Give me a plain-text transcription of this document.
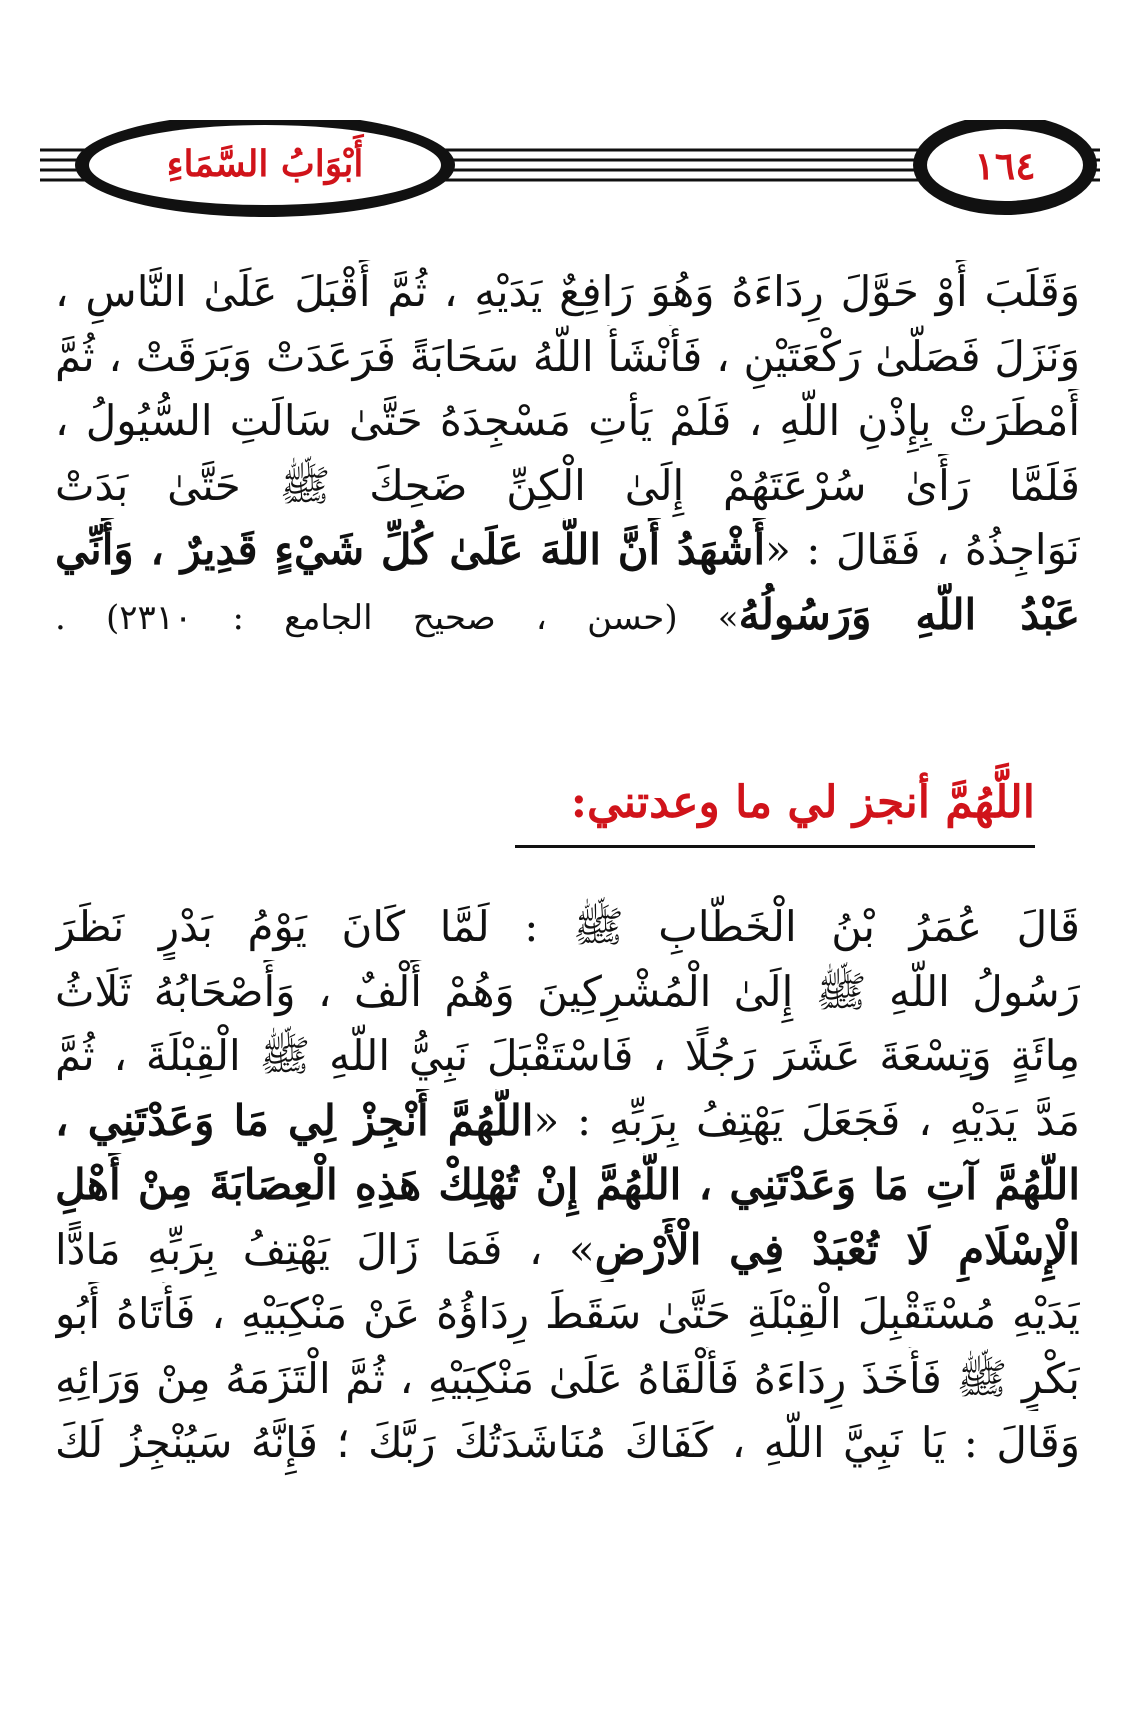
أَبْوَابُ السَّمَاءِ	١٦٤
وَقَلَبَ أَوْ حَوَّلَ رِدَاءَهُ وَهُوَ رَافِعٌ يَدَيْهِ ، ثُمَّ أَقْبَلَ عَلَىٰ النَّاسِ ،
وَنَزَلَ فَصَلَّىٰ رَكْعَتَيْنِ ، فَأَنْشَأَ اللَّهُ سَحَابَةً فَرَعَدَتْ وَبَرَقَتْ ، ثُمَّ
أَمْطَرَتْ بِإِذْنِ اللَّهِ ، فَلَمْ يَأْتِ مَسْجِدَهُ حَتَّىٰ سَالَتِ السُّيُولُ ،
فَلَمَّا رَأَىٰ سُرْعَتَهُمْ إِلَىٰ الْكِنِّ ضَحِكَ ﷺ حَتَّىٰ بَدَتْ
نَوَاجِذُهُ ، فَقَالَ : «أَشْهَدُ أَنَّ اللَّهَ عَلَىٰ كُلِّ شَيْءٍ قَدِيرٌ ، وَأَنِّي
عَبْدُ اللَّهِ وَرَسُولُهُ» (حسن ، صحيح الجامع : ٢٣١٠) .
اللَّهُمَّ أنجز لي ما وعدتني:
قَالَ عُمَرُ بْنُ الْخَطَّابِ ﷺ : لَمَّا كَانَ يَوْمُ بَدْرٍ نَظَرَ
رَسُولُ اللَّهِ ﷺ إِلَىٰ الْمُشْرِكِينَ وَهُمْ أَلْفٌ ، وَأَصْحَابُهُ ثَلَاثُ
مِائَةٍ وَتِسْعَةَ عَشَرَ رَجُلًا ، فَاسْتَقْبَلَ نَبِيُّ اللَّهِ ﷺ الْقِبْلَةَ ، ثُمَّ
مَدَّ يَدَيْهِ ، فَجَعَلَ يَهْتِفُ بِرَبِّهِ : «اللَّهُمَّ أَنْجِزْ لِي مَا وَعَدْتَنِي ،
اللَّهُمَّ آتِ مَا وَعَدْتَنِي ، اللَّهُمَّ إِنْ تُهْلِكْ هَذِهِ الْعِصَابَةَ مِنْ أَهْلِ
الْإِسْلَامِ لَا تُعْبَدْ فِي الْأَرْضِ» ، فَمَا زَالَ يَهْتِفُ بِرَبِّهِ مَادًّا
يَدَيْهِ مُسْتَقْبِلَ الْقِبْلَةِ حَتَّىٰ سَقَطَ رِدَاؤُهُ عَنْ مَنْكِبَيْهِ ، فَأَتَاهُ أَبُو
بَكْرٍ ﷺ فَأَخَذَ رِدَاءَهُ فَأَلْقَاهُ عَلَىٰ مَنْكِبَيْهِ ، ثُمَّ الْتَزَمَهُ مِنْ وَرَائِهِ
وَقَالَ : يَا نَبِيَّ اللَّهِ ، كَفَاكَ مُنَاشَدَتُكَ رَبَّكَ ؛ فَإِنَّهُ سَيُنْجِزُ لَكَ
